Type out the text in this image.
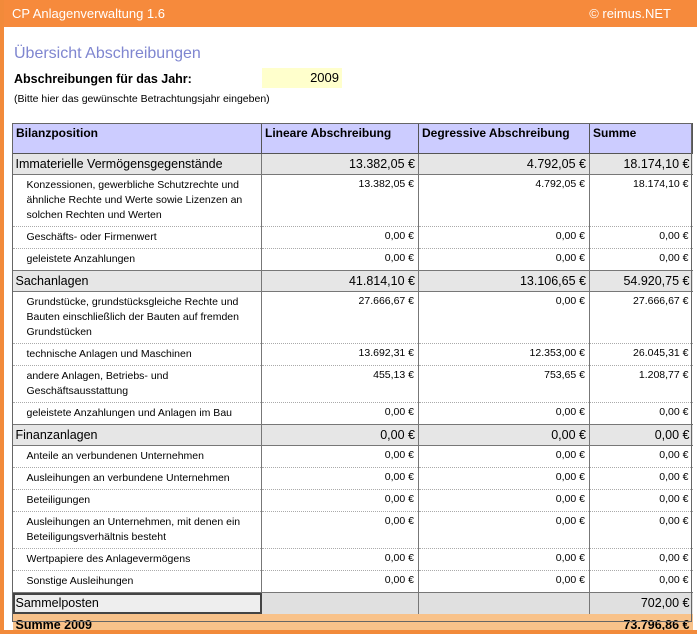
CP Anlagenverwaltung 1.6	© reimus.NET
Übersicht Abschreibungen
Abschreibungen für das Jahr:
2009
(Bitte hier das gewünschte Betrachtungsjahr eingeben)
Bilanzposition	Lineare Abschreibung	Degressive Abschreibung	Summe
Immaterielle Vermögensgegenstände	13.382,05 €	4.792,05 €	18.174,10 €
Konzessionen, gewerbliche Schutzrechte und ähnliche Rechte und Werte sowie Lizenzen an solchen Rechten und Werten	13.382,05 €	4.792,05 €	18.174,10 €
Geschäfts- oder Firmenwert	0,00 €	0,00 €	0,00 €
geleistete Anzahlungen	0,00 €	0,00 €	0,00 €
Sachanlagen	41.814,10 €	13.106,65 €	54.920,75 €
Grundstücke, grundstücksgleiche Rechte und Bauten einschließlich der Bauten auf fremden Grundstücken	27.666,67 €	0,00 €	27.666,67 €
technische Anlagen und Maschinen	13.692,31 €	12.353,00 €	26.045,31 €
andere Anlagen, Betriebs- und Geschäftsausstattung	455,13 €	753,65 €	1.208,77 €
geleistete Anzahlungen und Anlagen im Bau	0,00 €	0,00 €	0,00 €
Finanzanlagen	0,00 €	0,00 €	0,00 €
Anteile an verbundenen Unternehmen	0,00 €	0,00 €	0,00 €
Ausleihungen an verbundene Unternehmen	0,00 €	0,00 €	0,00 €
Beteiligungen	0,00 €	0,00 €	0,00 €
Ausleihungen an Unternehmen, mit denen ein Beteiligungsverhältnis besteht	0,00 €	0,00 €	0,00 €
Wertpapiere des Anlagevermögens	0,00 €	0,00 €	0,00 €
Sonstige Ausleihungen	0,00 €	0,00 €	0,00 €
Sammelposten			702,00 €
Summe 2009			73.796,86 €
